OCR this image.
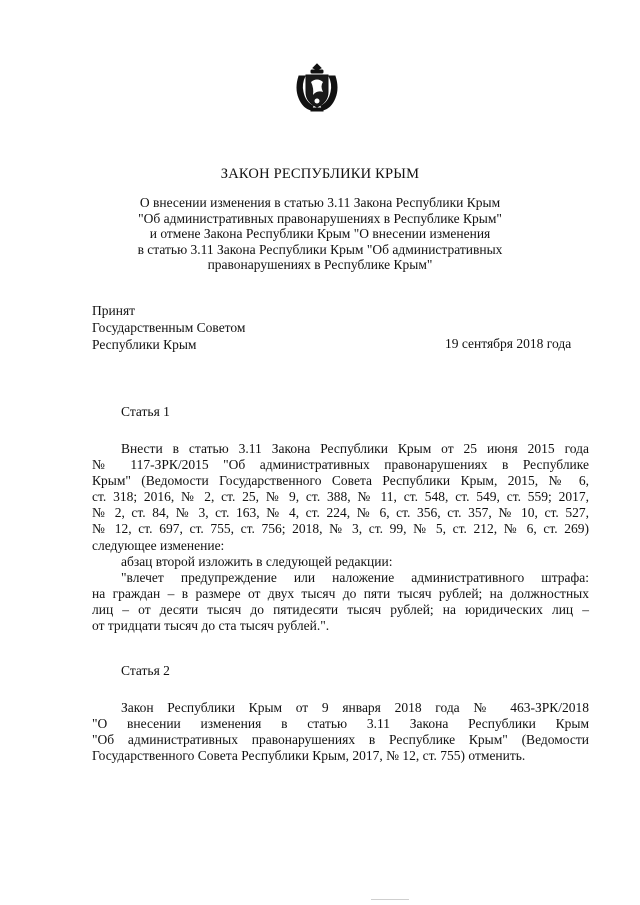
ЗАКОН РЕСПУБЛИКИ КРЫМ
О внесении изменения в статью 3.11 Закона Республики Крым
"Об административных правонарушениях в Республике Крым"
и отмене Закона Республики Крым "О внесении изменения
в статью 3.11 Закона Республики Крым "Об административных
правонарушениях в Республике Крым"
Принят
Государственным Советом
Республики Крым	19 сентября 2018 года
Статья 1
Внести в статью 3.11 Закона Республики Крым от 25 июня 2015 года
№ 117-ЗРК/2015 "Об административных правонарушениях в Республике
Крым" (Ведомости Государственного Совета Республики Крым, 2015, № 6,
ст. 318; 2016, № 2, ст. 25, № 9, ст. 388, № 11, ст. 548, ст. 549, ст. 559; 2017,
№ 2, ст. 84, № 3, ст. 163, № 4, ст. 224, № 6, ст. 356, ст. 357, № 10, ст. 527,
№ 12, ст. 697, ст. 755, ст. 756; 2018, № 3, ст. 99, № 5, ст. 212, № 6, ст. 269)
следующее изменение:
абзац второй изложить в следующей редакции:
"влечет предупреждение или наложение административного штрафа:
на граждан – в размере от двух тысяч до пяти тысяч рублей; на должностных
лиц – от десяти тысяч до пятидесяти тысяч рублей; на юридических лиц –
от тридцати тысяч до ста тысяч рублей.".
Статья 2
Закон Республики Крым от 9 января 2018 года № 463-ЗРК/2018
"О внесении изменения в статью 3.11 Закона Республики Крым
"Об административных правонарушениях в Республике Крым" (Ведомости
Государственного Совета Республики Крым, 2017, № 12, ст. 755) отменить.
